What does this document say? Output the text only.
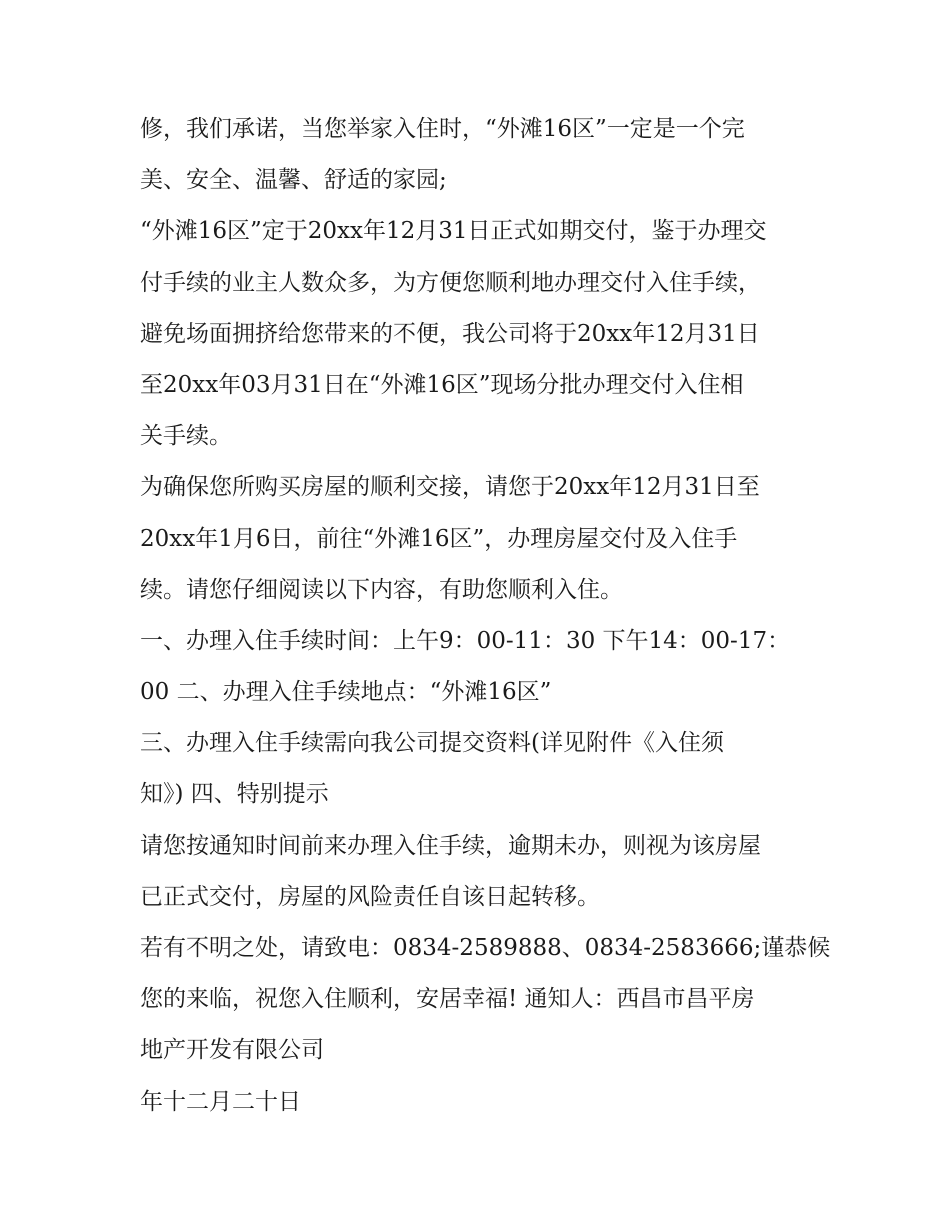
修，我们承诺，当您举家入住时，“外滩16区”一定是一个完
美、安全、温馨、舒适的家园;
“外滩16区”定于20xx年12月31日正式如期交付，鉴于办理交
付手续的业主人数众多，为方便您顺利地办理交付入住手续，
避免场面拥挤给您带来的不便，我公司将于20xx年12月31日
至20xx年03月31日在“外滩16区”现场分批办理交付入住相
关手续。
为确保您所购买房屋的顺利交接，请您于20xx年12月31日至
20xx年1月6日，前往“外滩16区”，办理房屋交付及入住手
续。请您仔细阅读以下内容，有助您顺利入住。
一、办理入住手续时间：上午9：00-11：30 下午14：00-17：
00 二、办理入住手续地点：“外滩16区”
三、办理入住手续需向我公司提交资料(详见附件《入住须
知》) 四、特别提示
请您按通知时间前来办理入住手续，逾期未办，则视为该房屋
已正式交付，房屋的风险责任自该日起转移。
若有不明之处，请致电：0834-2589888、0834-2583666;谨恭候
您的来临，祝您入住顺利，安居幸福! 通知人：西昌市昌平房
地产开发有限公司
年十二月二十日
